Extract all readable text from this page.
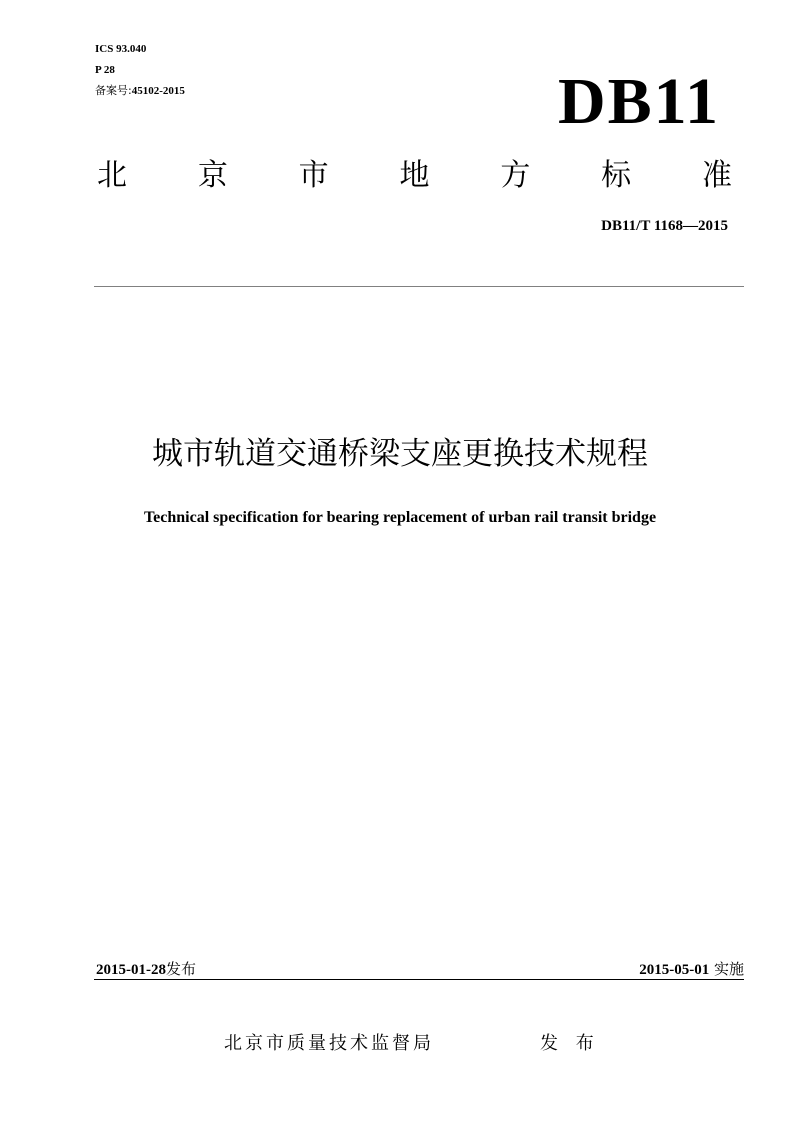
ICS 93.040
P 28
备案号:45102-2015	DB11
北 京 市 地 方 标 准
DB11/T 1168—2015
城市轨道交通桥梁支座更换技术规程
Technical specification for bearing replacement of urban rail transit bridge
2015-01-28发布	2015-05-01 实施
北京市质量技术监督局	发 布
